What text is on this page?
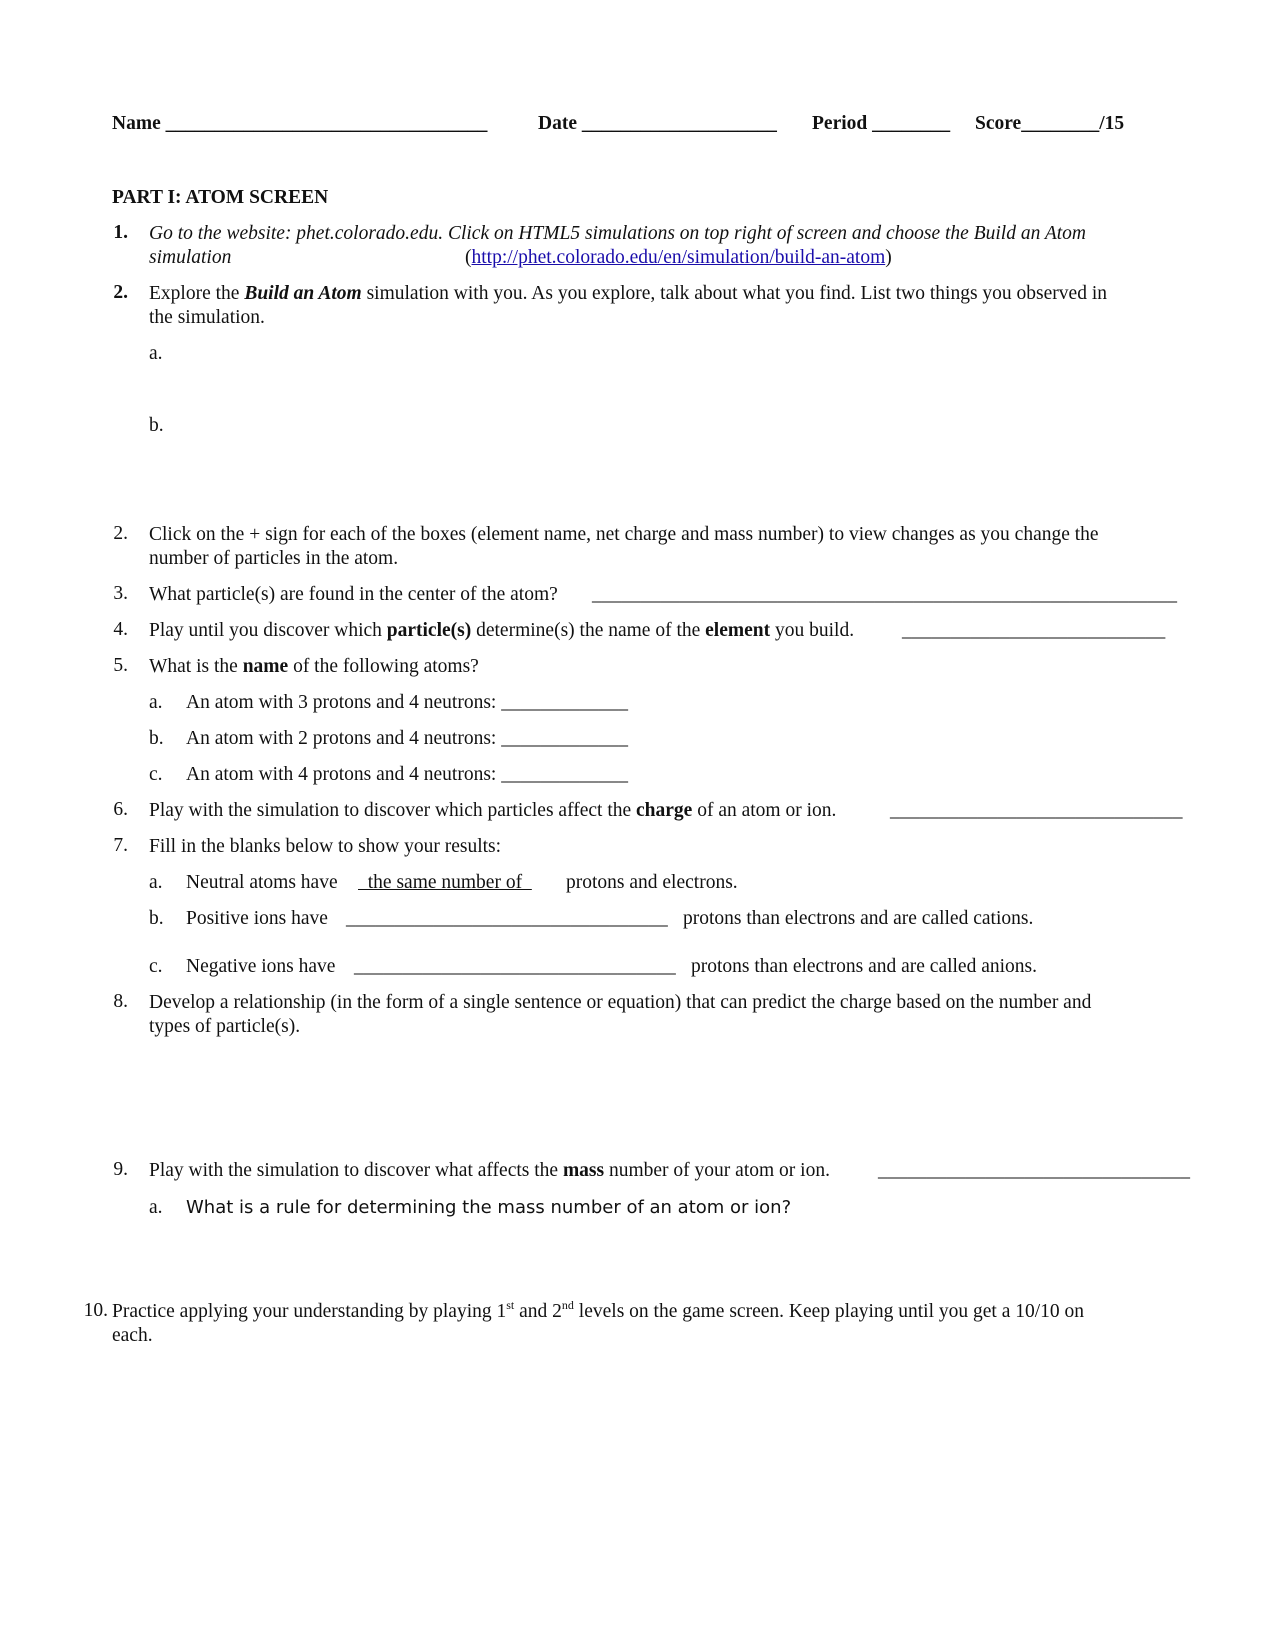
Name _________________________________	Date ____________________ Period ________ Score________/15
PART I: ATOM SCREEN
1. Go to the website: phet.colorado.edu. Click on HTML5 simulations on top right of screen and choose the Build an Atom
simulation	(http://phet.colorado.edu/en/simulation/build-an-atom)
2. Explore the Build an Atom simulation with you. As you explore, talk about what you find. List two things you observed in
the simulation.
a.
b.
2. Click on the + sign for each of the boxes (element name, net charge and mass number) to view changes as you change the
number of particles in the atom.
3. What particle(s) are found in the center of the atom? ____________________________________________________________
4. Play until you discover which particle(s) determine(s) the name of the element you build. ___________________________
5. What is the name of the following atoms?
a. An atom with 3 protons and 4 neutrons: _____________
b. An atom with 2 protons and 4 neutrons: _____________
c. An atom with 4 protons and 4 neutrons: _____________
6. Play with the simulation to discover which particles affect the charge of an atom or ion.	______________________________
7. Fill in the blanks below to show your results:
a. Neutral atoms have the same number of protons and electrons.
b. Positive ions have _________________________________ protons than electrons and are called cations.
c. Negative ions have _________________________________ protons than electrons and are called anions.
8. Develop a relationship (in the form of a single sentence or equation) that can predict the charge based on the number and
types of particle(s).
9. Play with the simulation to discover what affects the mass number of your atom or ion. ________________________________
a. What is a rule for determining the mass number of an atom or ion?
10. Practice applying your understanding by playing 1st and 2nd levels on the game screen. Keep playing until you get a 10/10 on
each.
